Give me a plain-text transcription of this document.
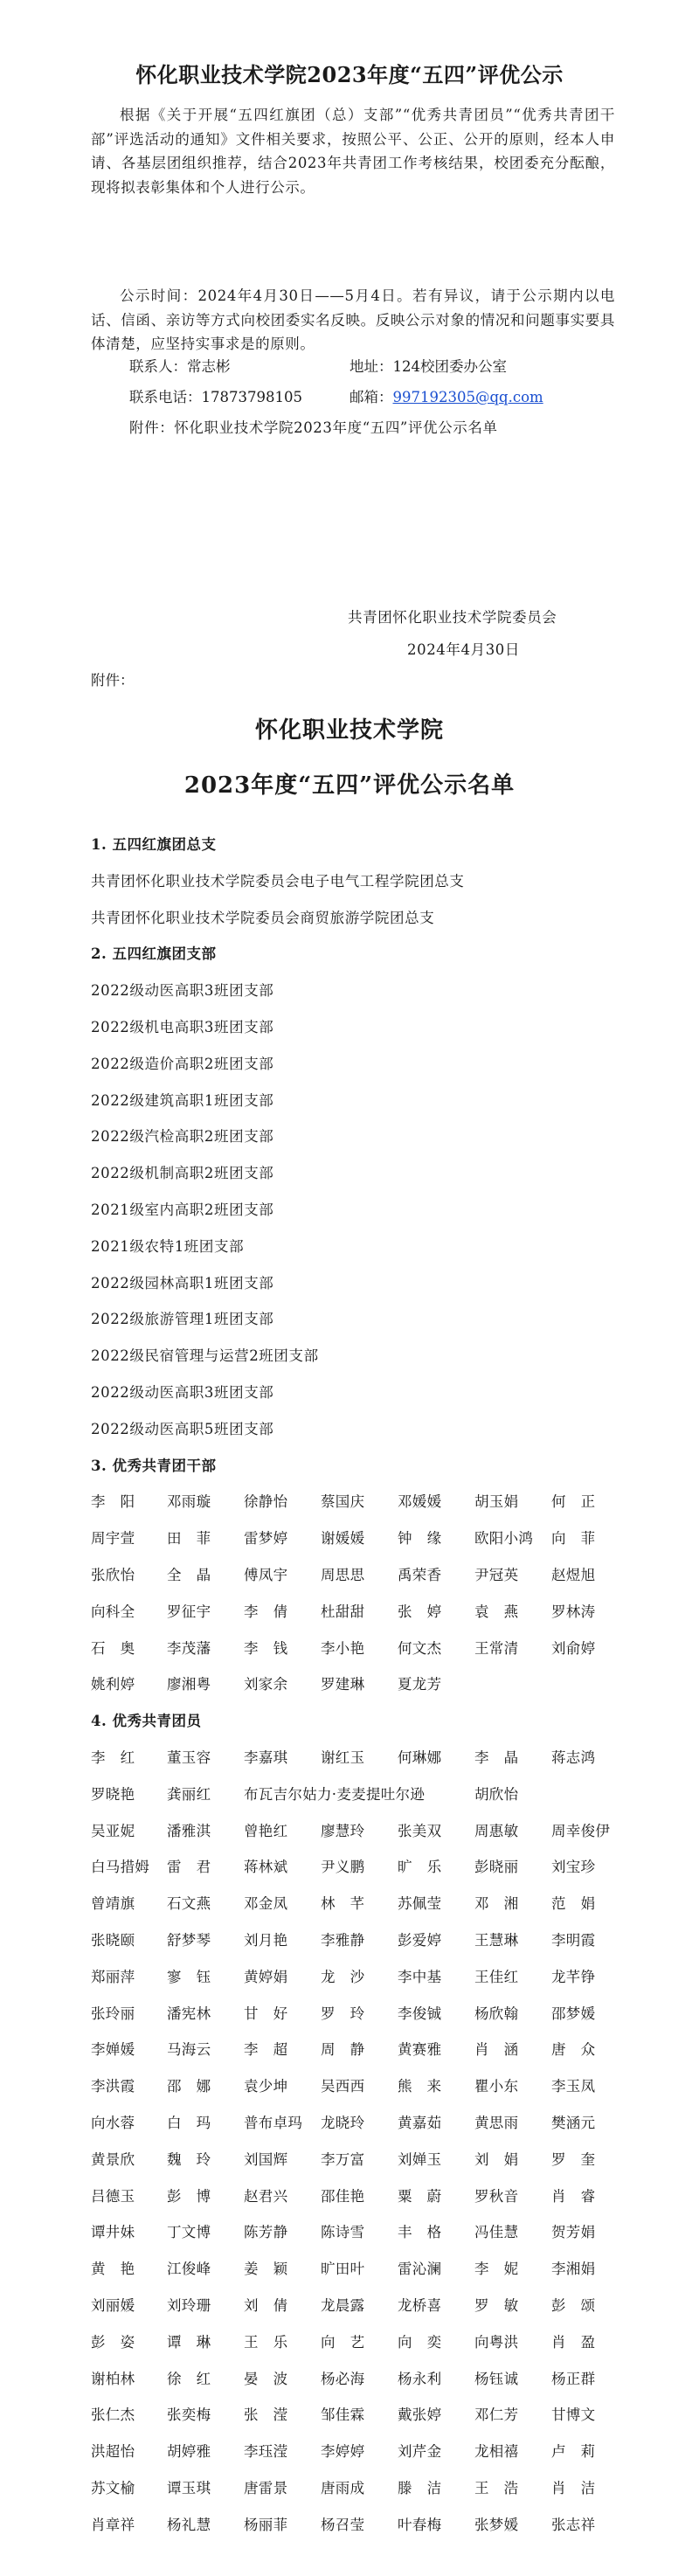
怀化职业技术学院2023年度“五四”评优公示
根据《关于开展“五四红旗团（总）支部”“优秀共青团员”“优秀共青团干部”评选活动的通知》文件相关要求，按照公平、公正、公开的原则，经本人申请、各基层团组织推荐，结合2023年共青团工作考核结果，校团委充分酝酿，现将拟表彰集体和个人进行公示。
公示时间：2024年4月30日——5月4日。若有异议，请于公示期内以电话、信函、亲访等方式向校团委实名反映。反映公示对象的情况和问题事实要具体清楚，应坚持实事求是的原则。
联系人：常志彬	地址：124校团委办公室
联系电话：17873798105	邮箱：997192305@qq.com
附件：怀化职业技术学院2023年度“五四”评优公示名单
共青团怀化职业技术学院委员会
2024年4月30日
附件：
怀化职业技术学院
2023年度“五四”评优公示名单
1. 五四红旗团总支
共青团怀化职业技术学院委员会电子电气工程学院团总支
共青团怀化职业技术学院委员会商贸旅游学院团总支
2. 五四红旗团支部
2022级动医高职3班团支部
2022级机电高职3班团支部
2022级造价高职2班团支部
2022级建筑高职1班团支部
2022级汽检高职2班团支部
2022级机制高职2班团支部
2021级室内高职2班团支部
2021级农特1班团支部
2022级园林高职1班团支部
2022级旅游管理1班团支部
2022级民宿管理与运营2班团支部
2022级动医高职3班团支部
2022级动医高职5班团支部
3. 优秀共青团干部
李　阳 邓雨璇 徐静怡 蔡国庆 邓媛媛 胡玉娟 何　正
周宇萱 田　菲 雷梦婷 谢媛媛 钟　缘 欧阳小鸿 向　菲
张欣怡 全　晶 傅凤宇 周思思 禹荣香 尹冠英 赵煜旭
向科全 罗征宇 李　倩 杜甜甜 张　婷 袁　燕 罗林涛
石　奥 李茂藩 李　钱 李小艳 何文杰 王常清 刘俞婷
姚利婷 廖湘粤 刘家余 罗建琳 夏龙芳
4. 优秀共青团员
李　红 董玉容 李嘉琪 谢红玉 何琳娜 李　晶 蒋志鸿
罗晓艳 龚丽红 布瓦吉尔姑力·麦麦提吐尔逊	胡欣怡
吴亚妮 潘雅淇 曾艳红 廖慧玲 张美双 周惠敏 周幸俊伊
白马措姆 雷　君 蒋林斌 尹义鹏 旷　乐 彭晓丽 刘宝珍
曾靖旗 石文燕 邓金凤 林　芊 苏佩莹 邓　湘 范　娟
张晓颐 舒梦琴 刘月艳 李雅静 彭爱婷 王慧琳 李明霞
郑丽萍 寥　钰 黄婷娟 龙　沙 李中基 王佳红 龙芊铮
张玲丽 潘宪林 甘　好 罗　玲 李俊铖 杨欣翰 邵梦媛
李婵媛 马海云 李　超 周　静 黄赛雅 肖　涵 唐　众
李洪霞 邵　娜 袁少坤 吴西西 熊　来 瞿小东 李玉凤
向水蓉 白　玛 普布卓玛 龙晓玲 黄嘉茹 黄思雨 樊涵元
黄景欣 魏　玲 刘国辉 李万富 刘婵玉 刘　娟 罗　奎
吕德玉 彭　博 赵君兴 邵佳艳 粟　蔚 罗秋音 肖　睿
谭井妹 丁文博 陈芳静 陈诗雪 丰　格 冯佳慧 贺芳娟
黄　艳 江俊峰 姜　颖 旷田叶 雷沁澜 李　妮 李湘娟
刘丽媛 刘玲珊 刘　倩 龙晨露 龙桥喜 罗　敏 彭　颂
彭　姿 谭　琳 王　乐 向　艺 向　奕 向粤洪 肖　盈
谢柏林 徐　红 晏　波 杨必海 杨永利 杨钰诚 杨正群
张仁杰 张奕梅 张　滢 邹佳霖 戴张婷 邓仁芳 甘博文
洪超怡 胡婷雅 李珏滢 李婷婷 刘芹金 龙相禧 卢　莉
苏文榆 谭玉琪 唐雷景 唐雨成 滕　洁 王　浩 肖　洁
肖章祥 杨礼慧 杨丽菲 杨召莹 叶春梅 张梦媛 张志祥
